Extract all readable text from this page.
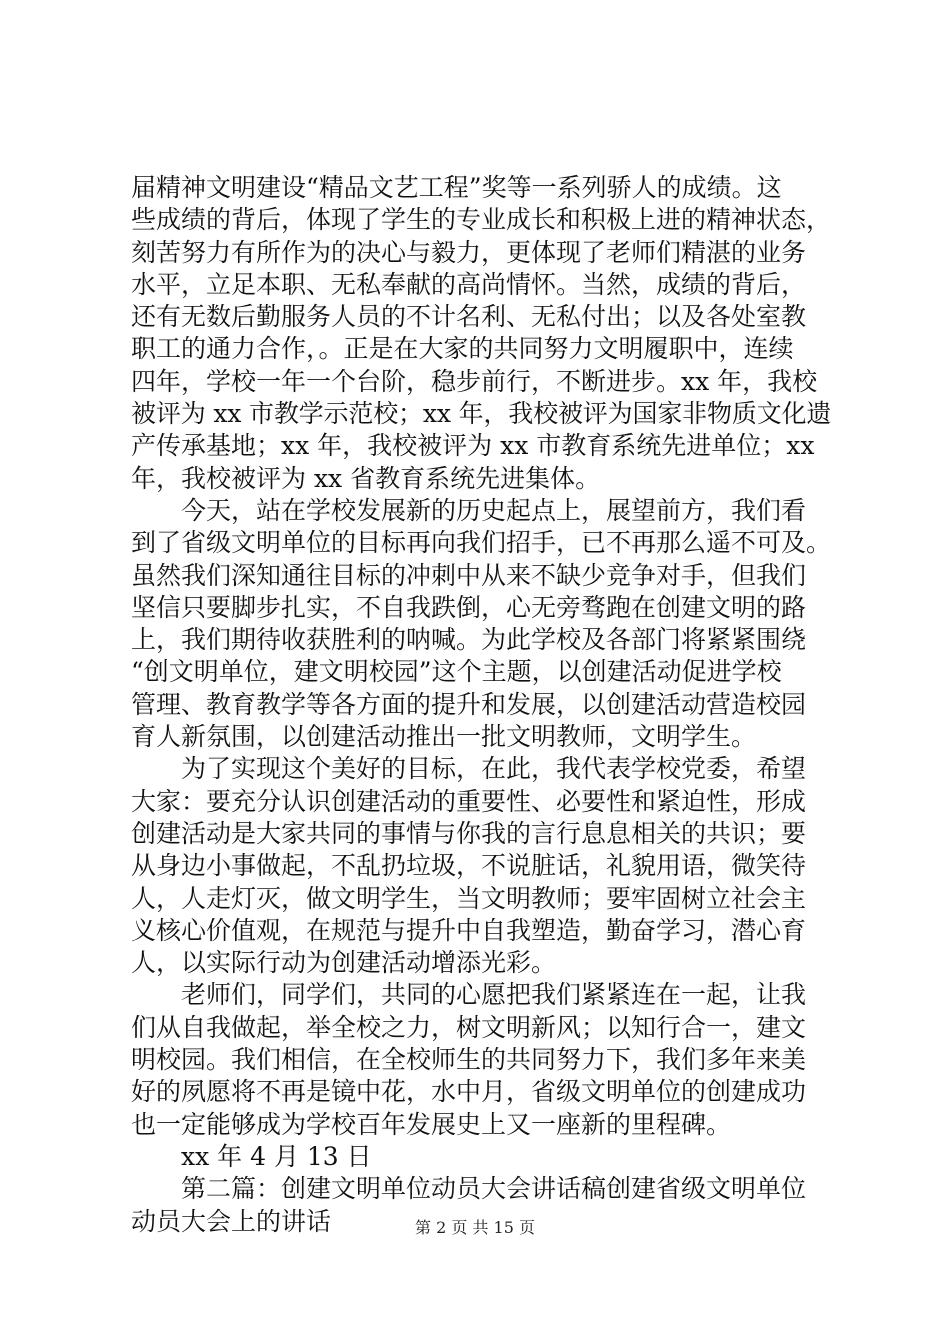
届精神文明建设“精品文艺工程”奖等一系列骄人的成绩。这
些成绩的背后，体现了学生的专业成长和积极上进的精神状态，
刻苦努力有所作为的决心与毅力，更体现了老师们精湛的业务
水平，立足本职、无私奉献的高尚情怀。当然，成绩的背后，
还有无数后勤服务人员的不计名利、无私付出；以及各处室教
职工的通力合作，。正是在大家的共同努力文明履职中，连续
四年，学校一年一个台阶，稳步前行，不断进步。xx 年，我校
被评为 xx 市教学示范校；xx 年，我校被评为国家非物质文化遗
产传承基地；xx 年，我校被评为 xx 市教育系统先进单位；xx
年，我校被评为 xx 省教育系统先进集体。
今天，站在学校发展新的历史起点上，展望前方，我们看
到了省级文明单位的目标再向我们招手，已不再那么遥不可及。
虽然我们深知通往目标的冲刺中从来不缺少竞争对手，但我们
坚信只要脚步扎实，不自我跌倒，心无旁骛跑在创建文明的路
上，我们期待收获胜利的呐喊。为此学校及各部门将紧紧围绕
“创文明单位，建文明校园”这个主题，以创建活动促进学校
管理、教育教学等各方面的提升和发展，以创建活动营造校园
育人新氛围，以创建活动推出一批文明教师，文明学生。
为了实现这个美好的目标，在此，我代表学校党委，希望
大家：要充分认识创建活动的重要性、必要性和紧迫性，形成
创建活动是大家共同的事情与你我的言行息息相关的共识；要
从身边小事做起，不乱扔垃圾，不说脏话，礼貌用语，微笑待
人，人走灯灭，做文明学生，当文明教师；要牢固树立社会主
义核心价值观，在规范与提升中自我塑造，勤奋学习，潜心育
人，以实际行动为创建活动增添光彩。
老师们，同学们，共同的心愿把我们紧紧连在一起，让我
们从自我做起，举全校之力，树文明新风；以知行合一，建文
明校园。我们相信，在全校师生的共同努力下，我们多年来美
好的夙愿将不再是镜中花，水中月，省级文明单位的创建成功
也一定能够成为学校百年发展史上又一座新的里程碑。
xx 年 4 月 13 日
第二篇：创建文明单位动员大会讲话稿创建省级文明单位
动员大会上的讲话	第 2 页 共 15 页
